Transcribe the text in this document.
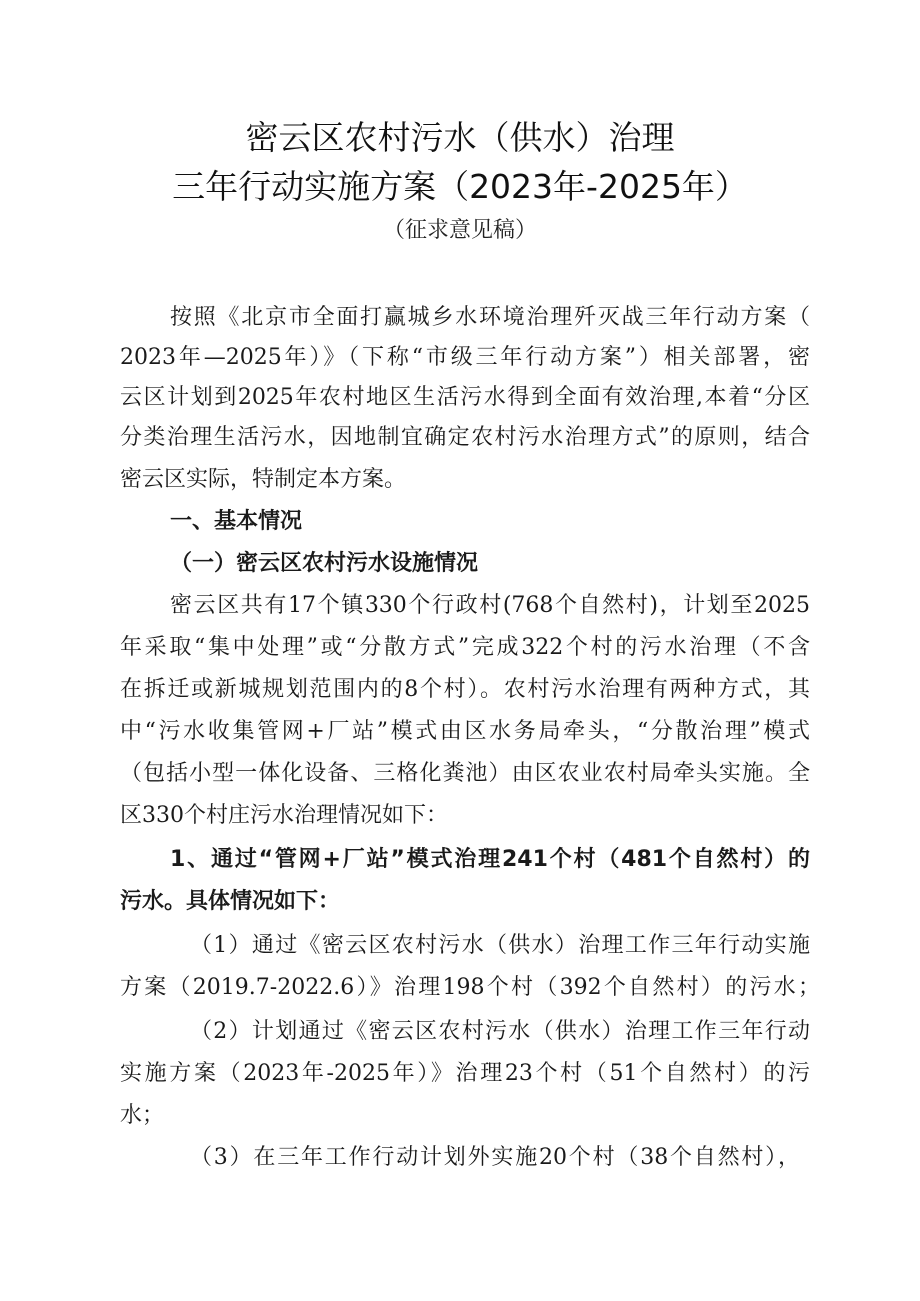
密云区农村污水（供水）治理
三年行动实施方案（2023年-2025年）
（征求意见稿）
按照《北京市全面打赢城乡水环境治理歼灭战三年行动方案（
2023年—2025年）》（下称“市级三年行动方案”）相关部署，密
云区计划到2025年农村地区生活污水得到全面有效治理,本着“分区
分类治理生活污水，因地制宜确定农村污水治理方式”的原则，结合
密云区实际，特制定本方案。
一、基本情况
（一）密云区农村污水设施情况
密云区共有17个镇330个行政村(768个自然村)，计划至2025
年采取“集中处理”或“分散方式”完成322个村的污水治理（不含
在拆迁或新城规划范围内的8个村）。农村污水治理有两种方式，其
中“污水收集管网+厂站”模式由区水务局牵头，“分散治理”模式
（包括小型一体化设备、三格化粪池）由区农业农村局牵头实施。全
区330个村庄污水治理情况如下：
1、通过“管网+厂站”模式治理241个村（481个自然村）的
污水。具体情况如下：
（1）通过《密云区农村污水（供水）治理工作三年行动实施
方案（2019.7-2022.6）》治理198个村（392个自然村）的污水；
（2）计划通过《密云区农村污水（供水）治理工作三年行动
实施方案（2023年-2025年）》治理23个村（51个自然村）的污
水；
（3）在三年工作行动计划外实施20个村（38个自然村），
